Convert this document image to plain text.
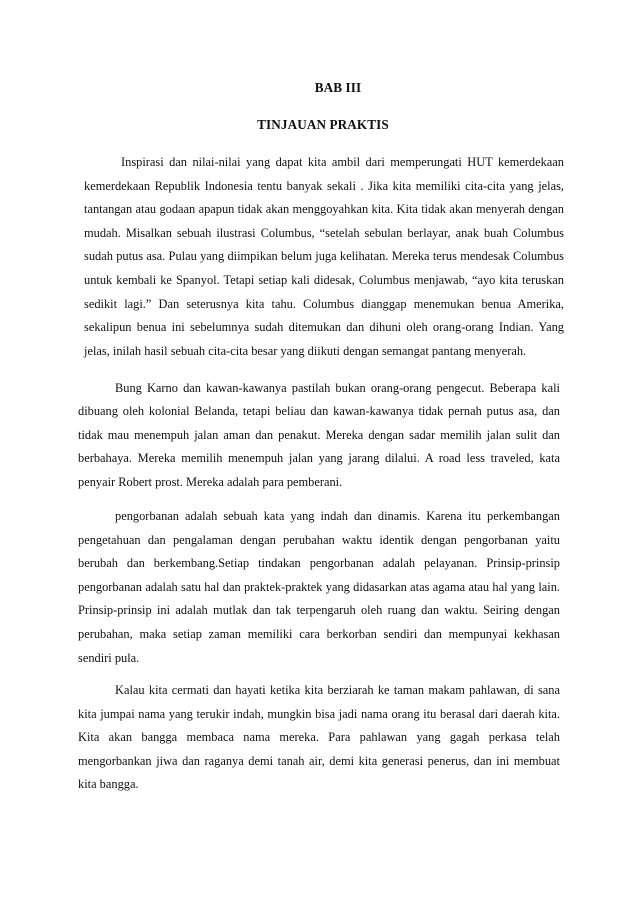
BAB III
TINJAUAN PRAKTIS

Inspirasi dan nilai-nilai yang dapat kita ambil dari memperungati HUT kemerdekaan kemerdekaan Republik Indonesia tentu banyak sekali . Jika kita memiliki cita-cita yang jelas, tantangan atau godaan apapun tidak akan menggoyahkan kita. Kita tidak akan menyerah dengan mudah. Misalkan sebuah ilustrasi Columbus, “setelah sebulan berlayar, anak buah Columbus sudah putus asa. Pulau yang diimpikan belum juga kelihatan. Mereka terus mendesak Columbus untuk kembali ke Spanyol. Tetapi setiap kali didesak, Columbus menjawab, “ayo kita teruskan sedikit lagi.” Dan seterusnya kita tahu. Columbus dianggap menemukan benua Amerika, sekalipun benua ini sebelumnya sudah ditemukan dan dihuni oleh orang-orang Indian. Yang jelas, inilah hasil sebuah cita-cita besar yang diikuti dengan semangat pantang menyerah.

Bung Karno dan kawan-kawanya pastilah bukan orang-orang pengecut. Beberapa kali dibuang oleh kolonial Belanda, tetapi beliau dan kawan-kawanya tidak pernah putus asa, dan tidak mau menempuh jalan aman dan penakut. Mereka dengan sadar memilih jalan sulit dan berbahaya. Mereka memilih menempuh jalan yang jarang dilalui. A road less traveled, kata penyair Robert prost. Mereka adalah para pemberani.

pengorbanan adalah sebuah kata yang indah dan dinamis. Karena itu perkembangan pengetahuan dan pengalaman dengan perubahan waktu identik dengan pengorbanan yaitu berubah dan berkembang.Setiap tindakan pengorbanan adalah pelayanan. Prinsip-prinsip pengorbanan adalah satu hal dan praktek-praktek yang didasarkan atas agama atau hal yang lain. Prinsip-prinsip ini adalah mutlak dan tak terpengaruh oleh ruang dan waktu. Seiring dengan perubahan, maka setiap zaman memiliki cara berkorban sendiri dan mempunyai kekhasan sendiri pula.

Kalau kita cermati dan hayati ketika kita berziarah ke taman makam pahlawan, di sana kita jumpai nama yang terukir indah, mungkin bisa jadi nama orang itu berasal dari daerah kita. Kita akan bangga membaca nama mereka. Para pahlawan yang gagah perkasa telah mengorbankan jiwa dan raganya demi tanah air, demi kita generasi penerus, dan ini membuat kita bangga.
